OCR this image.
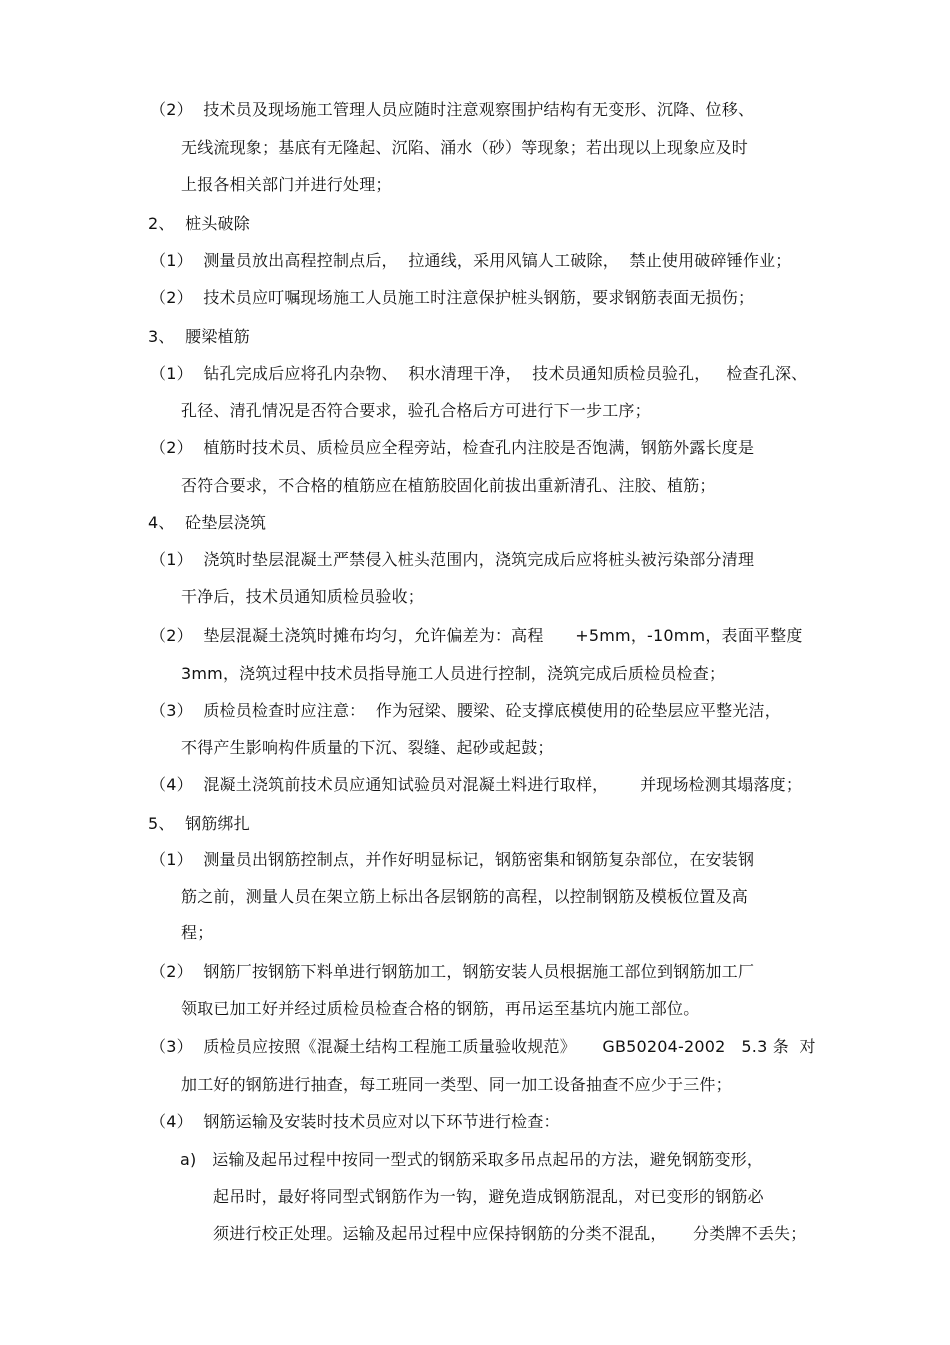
（2）  技术员及现场施工管理人员应随时注意观察围护结构有无变形、沉降、位移、
无线流现象；基底有无隆起、沉陷、涌水（砂）等现象；若出现以上现象应及时
上报各相关部门并进行处理；
2、  桩头破除
（1）  测量员放出高程控制点后，  拉通线，采用风镐人工破除，  禁止使用破碎锤作业；
（2）  技术员应叮嘱现场施工人员施工时注意保护桩头钢筋，要求钢筋表面无损伤；
3、  腰梁植筋
（1）  钻孔完成后应将孔内杂物、  积水清理干净，  技术员通知质检员验孔，   检查孔深、
孔径、清孔情况是否符合要求，验孔合格后方可进行下一步工序；
（2）  植筋时技术员、质检员应全程旁站，检查孔内注胶是否饱满，钢筋外露长度是
否符合要求，不合格的植筋应在植筋胶固化前拔出重新清孔、注胶、植筋；
4、  砼垫层浇筑
（1）  浇筑时垫层混凝土严禁侵入桩头范围内，浇筑完成后应将桩头被污染部分清理
干净后，技术员通知质检员验收；
（2）  垫层混凝土浇筑时摊布均匀，允许偏差为：高程      +5mm，-10mm，表面平整度
3mm，浇筑过程中技术员指导施工人员进行控制，浇筑完成后质检员检查；
（3）  质检员检查时应注意：  作为冠梁、腰梁、砼支撑底模使用的砼垫层应平整光洁，
不得产生影响构件质量的下沉、裂缝、起砂或起鼓；
（4）  混凝土浇筑前技术员应通知试验员对混凝土料进行取样，      并现场检测其塌落度；
5、  钢筋绑扎
（1）  测量员出钢筋控制点，并作好明显标记，钢筋密集和钢筋复杂部位，在安装钢
筋之前，测量人员在架立筋上标出各层钢筋的高程，以控制钢筋及模板位置及高
程；
（2）  钢筋厂按钢筋下料单进行钢筋加工，钢筋安装人员根据施工部位到钢筋加工厂
领取已加工好并经过质检员检查合格的钢筋，再吊运至基坑内施工部位。
（3）  质检员应按照《混凝土结构工程施工质量验收规范》     GB50204-2002   5.3 条  对
加工好的钢筋进行抽查，每工班同一类型、同一加工设备抽查不应少于三件；
（4）  钢筋运输及安装时技术员应对以下环节进行检查：
a)   运输及起吊过程中按同一型式的钢筋采取多吊点起吊的方法，避免钢筋变形，
起吊时，最好将同型式钢筋作为一钩，避免造成钢筋混乱，对已变形的钢筋必
须进行校正处理。运输及起吊过程中应保持钢筋的分类不混乱，     分类牌不丢失；
